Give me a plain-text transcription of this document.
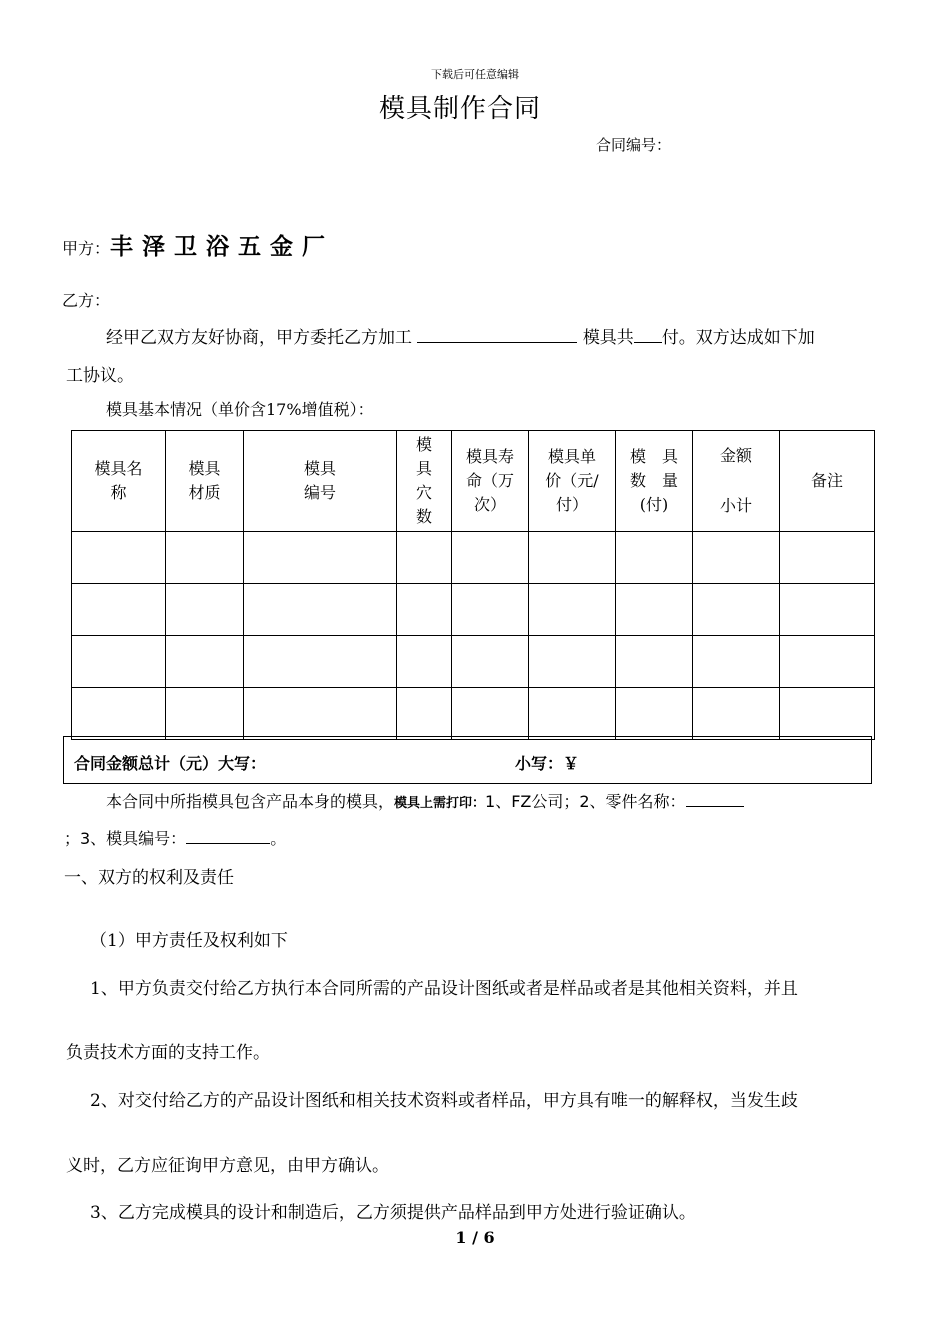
下载后可任意编辑
模具制作合同
合同编号：
甲方：丰泽卫浴五金厂
乙方：
经甲乙双方友好协商，甲方委托乙方加工	模具共 付。双方达成如下加
工协议。
模具基本情况（单价含17%增值税）：
模具名称	模具材质	模具编号	模具穴数	模具寿命（万次）	模具单价（元/付）	模　具数　量(付)	金额　　小计	备注

合同金额总计（元）大写：	小写：￥
本合同中所指模具包含产品本身的模具，模具上需打印：1、FZ公司；2、零件名称：
；3、模具编号：	。
一、双方的权利及责任
（1）甲方责任及权利如下
1、甲方负责交付给乙方执行本合同所需的产品设计图纸或者是样品或者是其他相关资料，并且
负责技术方面的支持工作。
2、对交付给乙方的产品设计图纸和相关技术资料或者样品，甲方具有唯一的解释权，当发生歧
义时，乙方应征询甲方意见，由甲方确认。
3、乙方完成模具的设计和制造后，乙方须提供产品样品到甲方处进行验证确认。
1 / 6
